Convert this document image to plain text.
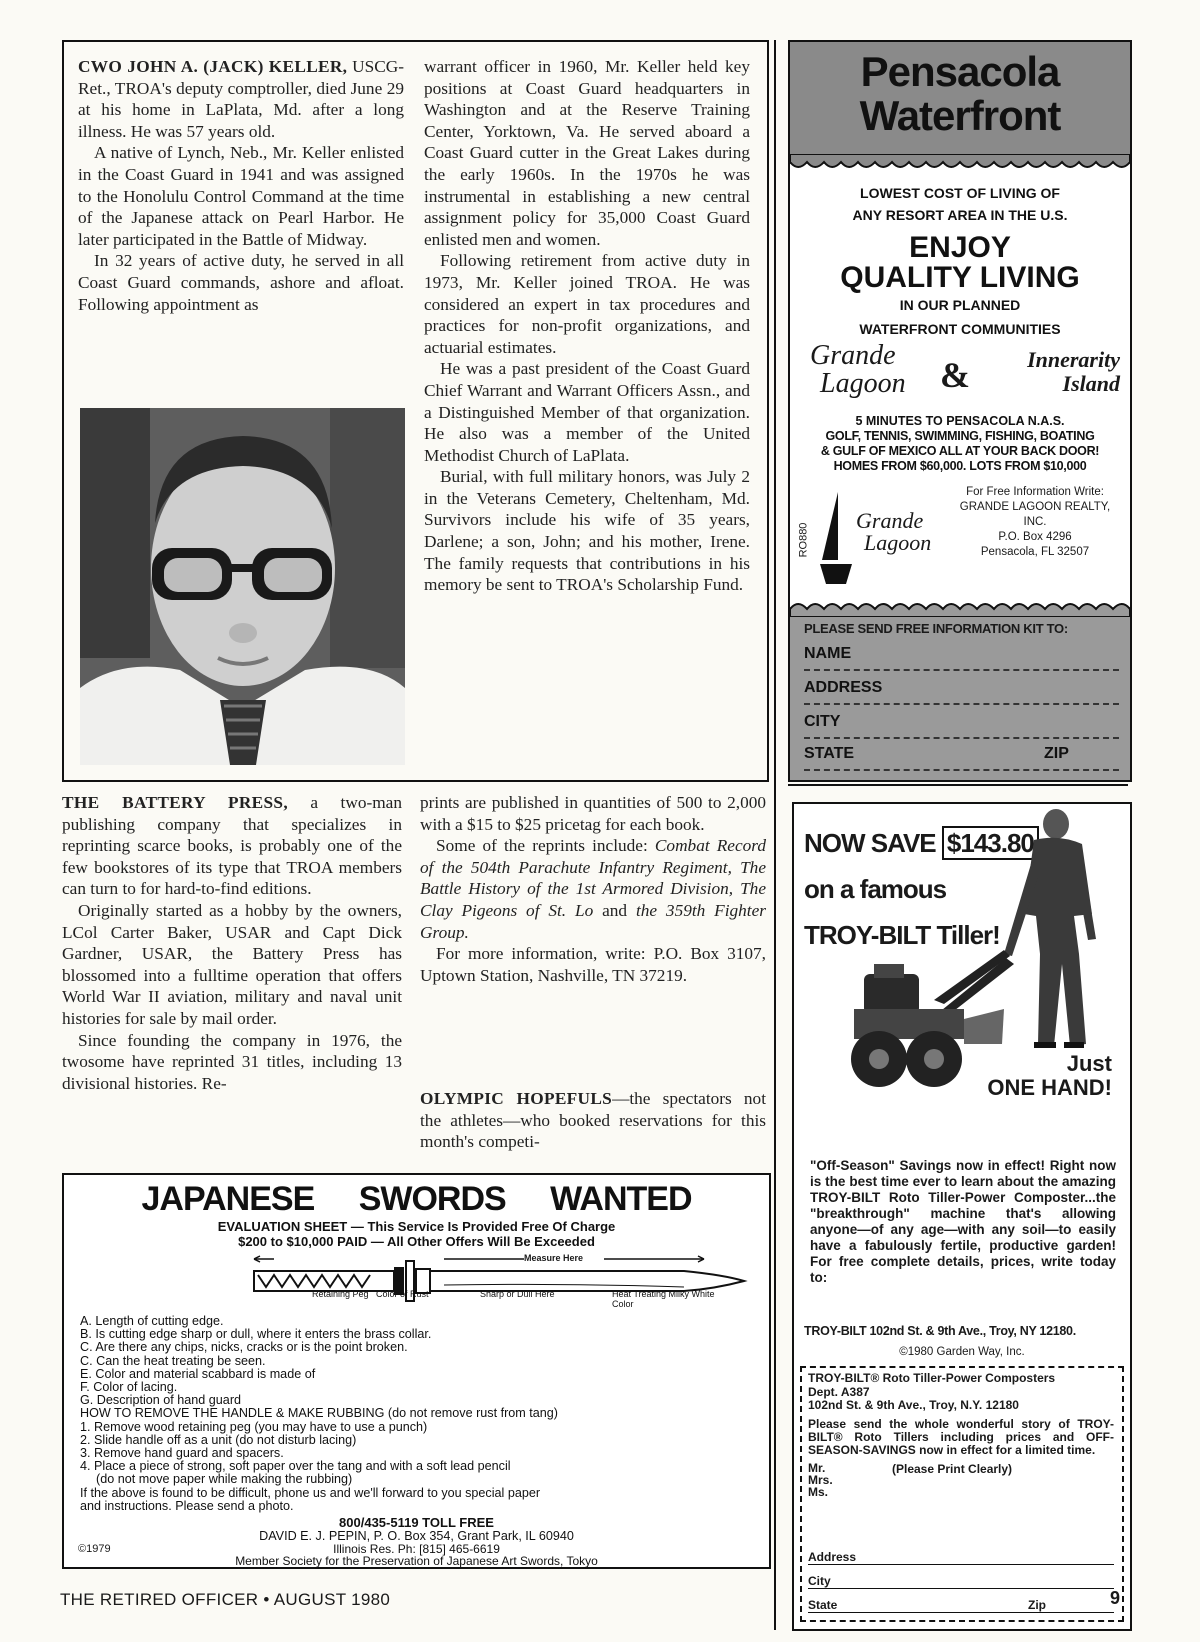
CWO JOHN A. (JACK) KELLER, USCG-Ret., TROA's deputy comptroller, died June 29 at his home in LaPlata, Md. after a long illness. He was 57 years old.

A native of Lynch, Neb., Mr. Keller enlisted in the Coast Guard in 1941 and was assigned to the Honolulu Control Command at the time of the Japanese attack on Pearl Harbor. He later participated in the Battle of Midway.

In 32 years of active duty, he served in all Coast Guard commands, ashore and afloat. Following appointment as

warrant officer in 1960, Mr. Keller held key positions at Coast Guard headquarters in Washington and at the Reserve Training Center, Yorktown, Va. He served aboard a Coast Guard cutter in the Great Lakes during the early 1960s. In the 1970s he was instrumental in establishing a new central assignment policy for 35,000 Coast Guard enlisted men and women.

Following retirement from active duty in 1973, Mr. Keller joined TROA. He was considered an expert in tax procedures and practices for non-profit organizations, and actuarial estimates.

He was a past president of the Coast Guard Chief Warrant and Warrant Officers Assn., and a Distinguished Member of that organization. He also was a member of the United Methodist Church of LaPlata.

Burial, with full military honors, was July 2 in the Veterans Cemetery, Cheltenham, Md. Survivors include his wife of 35 years, Darlene; a son, John; and his mother, Irene. The family requests that contributions in his memory be sent to TROA's Scholarship Fund.

THE BATTERY PRESS, a two-man publishing company that specializes in reprinting scarce books, is probably one of the few bookstores of its type that TROA members can turn to for hard-to-find editions.

Originally started as a hobby by the owners, LCol Carter Baker, USAR and Capt Dick Gardner, USAR, the Battery Press has blossomed into a fulltime operation that offers World War II aviation, military and naval unit histories for sale by mail order.

Since founding the company in 1976, the twosome have reprinted 31 titles, including 13 divisional histories. Re-

prints are published in quantities of 500 to 2,000 with a $15 to $25 pricetag for each book.

Some of the reprints include: Combat Record of the 504th Parachute Infantry Regiment, The Battle History of the 1st Armored Division, The Clay Pigeons of St. Lo and the 359th Fighter Group.

For more information, write: P.O. Box 3107, Uptown Station, Nashville, TN 37219.

OLYMPIC HOPEFULS—the spectators not the athletes—who booked reservations for this month's competi-

Pensacola
Waterfront
LOWEST COST OF LIVING OF
ANY RESORT AREA IN THE U.S.
ENJOY
QUALITY LIVING
IN OUR PLANNED
WATERFRONT COMMUNITIES
Grande
Lagoon &	Innerarity
Island
5 MINUTES TO PENSACOLA N.A.S.
GOLF, TENNIS, SWIMMING, FISHING, BOATING
& GULF OF MEXICO ALL AT YOUR BACK DOOR!
HOMES FROM $60,000. LOTS FROM $10,000
RO880
Grande
Lagoon
For Free Information Write:
GRANDE LAGOON REALTY,
INC.
P.O. Box 4296
Pensacola, FL 32507
PLEASE SEND FREE INFORMATION KIT TO:
NAME
ADDRESS
CITY
STATE	ZIP
NOW SAVE $143.80
on a famous
TROY-BILT Tiller!
Just
ONE HAND!
"Off-Season" Savings now in effect! Right now is the best time ever to learn about the amazing TROY-BILT Roto Tiller-Power Composter...the "breakthrough" machine that's allowing anyone—of any age—with any soil—to easily have a fabulously fertile, productive garden! For free complete details, prices, write today to:
TROY-BILT 102nd St. & 9th Ave., Troy, NY 12180.
©1980 Garden Way, Inc.
TROY-BILT® Roto Tiller-Power Composters
Dept. A387
102nd St. & 9th Ave., Troy, N.Y. 12180
Please send the whole wonderful story of TROY-BILT® Roto Tillers including prices and OFF-SEASON-SAVINGS now in effect for a limited time.
Mr.
Mrs.
Ms.
(Please Print Clearly)
Address
City
State	Zip
JAPANESE SWORDS WANTED
EVALUATION SHEET — This Service Is Provided Free Of Charge
$200 to $10,000 PAID — All Other Offers Will Be Exceeded
Retaining Peg Color of Rust	Sharp or Dull Here	Heat Treating Milky White Color
Measure Here
A. Length of cutting edge.
B. Is cutting edge sharp or dull, where it enters the brass collar.
C. Are there any chips, nicks, cracks or is the point broken.
C. Can the heat treating be seen.
E. Color and material scabbard is made of
F. Color of lacing.
G. Description of hand guard
HOW TO REMOVE THE HANDLE & MAKE RUBBING (do not remove rust from tang)
1. Remove wood retaining peg (you may have to use a punch)
2. Slide handle off as a unit (do not disturb lacing)
3. Remove hand guard and spacers.
4. Place a piece of strong, soft paper over the tang and with a soft lead pencil
(do not move paper while making the rubbing)
If the above is found to be difficult, phone us and we'll forward to you special paper
and instructions. Please send a photo.
800/435-5119 TOLL FREE
DAVID E. J. PEPIN, P. O. Box 354, Grant Park, IL 60940
Illinois Res. Ph: [815] 465-6619
Member Society for the Preservation of Japanese Art Swords, Tokyo
©1979
THE RETIRED OFFICER • AUGUST 1980	9
